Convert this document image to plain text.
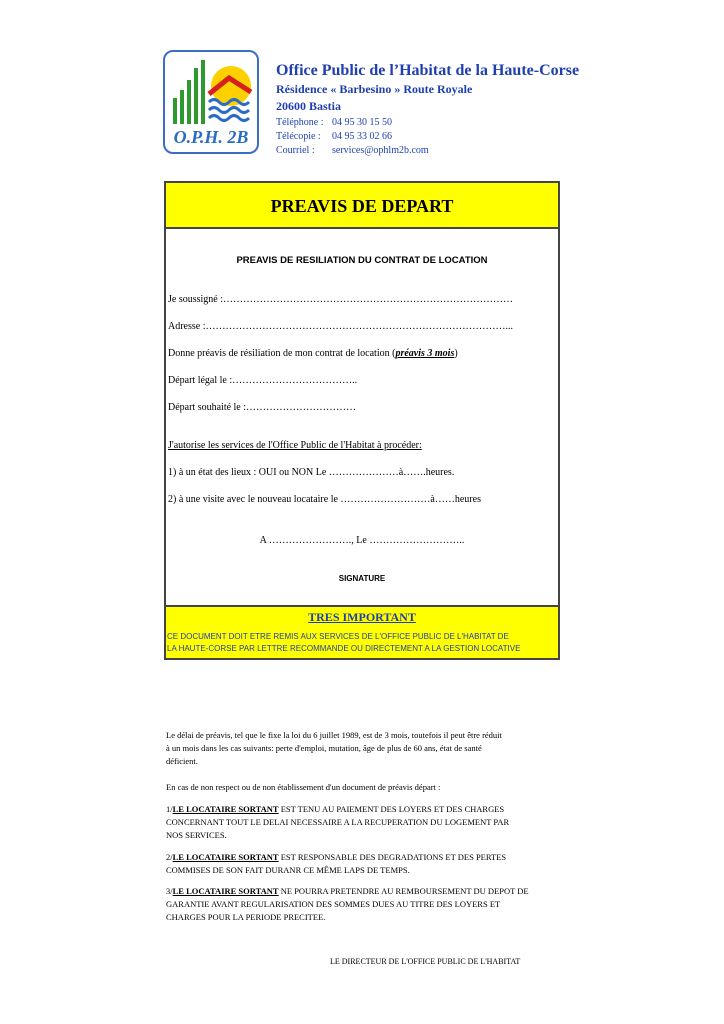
O.P.H. 2B
Office Public de l’Habitat de la Haute-Corse
Résidence « Barbesino » Route Royale
20600 Bastia
Téléphone : 04 95 30 15 50
Télécopie : 04 95 33 02 66
Courriel : services@ophlm2b.com
PREAVIS DE DEPART
PREAVIS DE RESILIATION DU CONTRAT DE LOCATION
Je soussigné :……………………………………………………………………………
Adresse :………………………………………………………………………………...
Donne préavis de résiliation de mon contrat de location (préavis 3 mois)
Départ légal le :………………………………..
Départ souhaité le :……………………………
J'autorise les services de l'Office Public de l'Habitat à procéder:
1) à un état des lieux : OUI ou NON Le …………………à…….heures.
2) à une visite avec le nouveau locataire le ………………………à……heures
A ……………………., Le ………………………..
SIGNATURE
TRES IMPORTANT
CE DOCUMENT DOIT ETRE REMIS AUX SERVICES DE L'OFFICE PUBLIC DE L'HABITAT DE
LA HAUTE-CORSE PAR LETTRE RECOMMANDE OU DIRECTEMENT A LA GESTION LOCATIVE
Le délai de préavis, tel que le fixe la loi du 6 juillet 1989, est de 3 mois, toutefois il peut être réduit
à un mois dans les cas suivants: perte d'emploi, mutation, âge de plus de 60 ans, état de santé
déficient.
En cas de non respect ou de non établissement d'un document de préavis départ :
1/LE LOCATAIRE SORTANT EST TENU AU PAIEMENT DES LOYERS ET DES CHARGES
CONCERNANT TOUT LE DELAI NECESSAIRE A LA RECUPERATION DU LOGEMENT PAR
NOS SERVICES.
2/LE LOCATAIRE SORTANT EST RESPONSABLE DES DEGRADATIONS ET DES PERTES
COMMISES DE SON FAIT DURANR CE MÊME LAPS DE TEMPS.
3/LE LOCATAIRE SORTANT NE POURRA PRETENDRE AU REMBOURSEMENT DU DEPOT DE
GARANTIE AVANT REGULARISATION DES SOMMES DUES AU TITRE DES LOYERS ET
CHARGES POUR LA PERIODE PRECITEE.
LE DIRECTEUR DE L'OFFICE PUBLIC DE L'HABITAT
